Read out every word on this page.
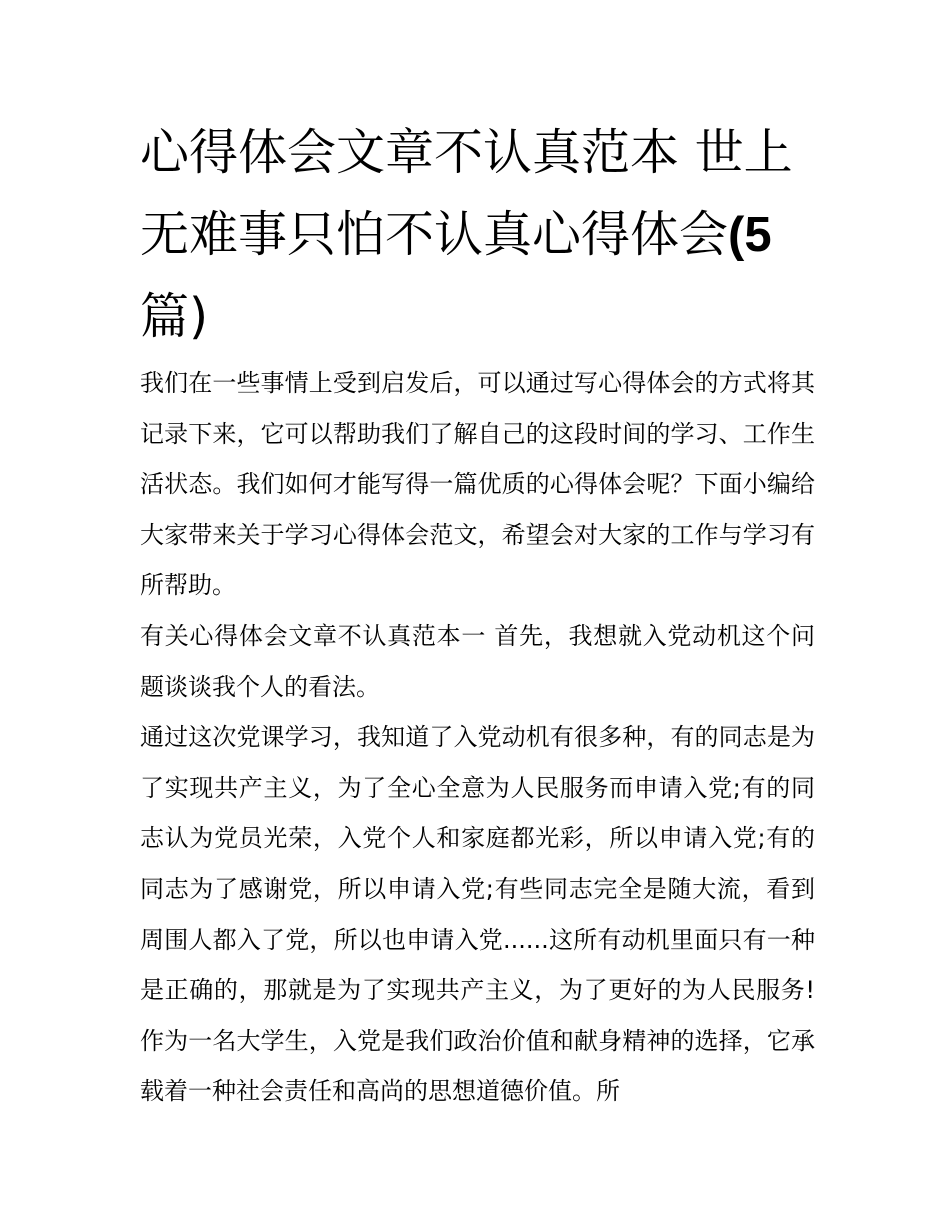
心得体会文章不认真范本 世上无难事只怕不认真心得体会(5
篇)

我们在一些事情上受到启发后，可以通过写心得体会的方式将其记录下来，它可以帮助我们了解自己的这段时间的学习、工作生活状态。我们如何才能写得一篇优质的心得体会呢？下面小编给大家带来关于学习心得体会范文，希望会对大家的工作与学习有所帮助。

有关心得体会文章不认真范本一 首先，我想就入党动机这个问题谈谈我个人的看法。

通过这次党课学习，我知道了入党动机有很多种，有的同志是为了实现共产主义，为了全心全意为人民服务而申请入党;有的同志认为党员光荣，入党个人和家庭都光彩，所以申请入党;有的同志为了感谢党，所以申请入党;有些同志完全是随大流，看到周围人都入了党，所以也申请入党......这所有动机里面只有一种是正确的，那就是为了实现共产主义，为了更好的为人民服务!作为一名大学生，入党是我们政治价值和献身精神的选择，它承载着一种社会责任和高尚的思想道德价值。所
